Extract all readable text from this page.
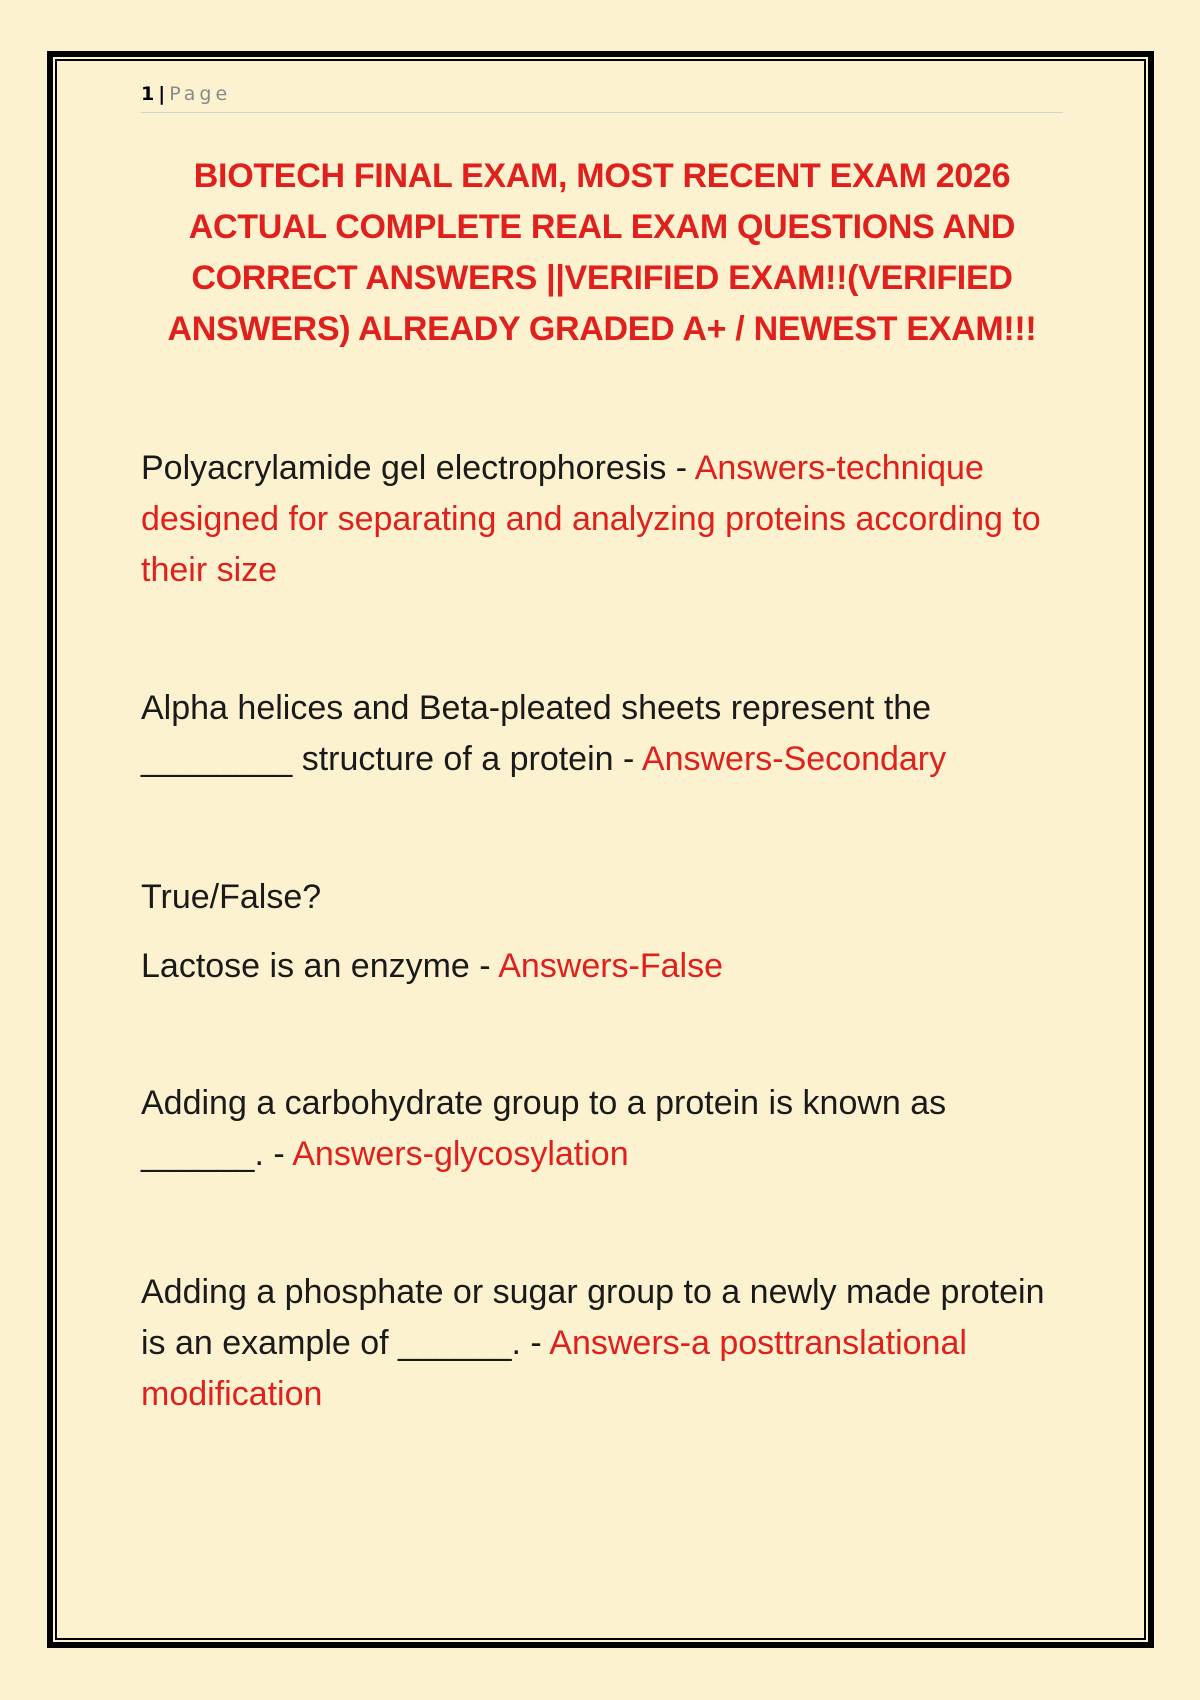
1 | Page
BIOTECH FINAL EXAM, MOST RECENT EXAM 2026 ACTUAL COMPLETE REAL EXAM QUESTIONS AND CORRECT ANSWERS ||VERIFIED EXAM!!(VERIFIED ANSWERS) ALREADY GRADED A+ / NEWEST EXAM!!!

Polyacrylamide gel electrophoresis - Answers-technique designed for separating and analyzing proteins according to their size

Alpha helices and Beta-pleated sheets represent the ________ structure of a protein - Answers-Secondary

True/False?

Lactose is an enzyme - Answers-False

Adding a carbohydrate group to a protein is known as ______. - Answers-glycosylation

Adding a phosphate or sugar group to a newly made protein is an example of ______. - Answers-a posttranslational modification
